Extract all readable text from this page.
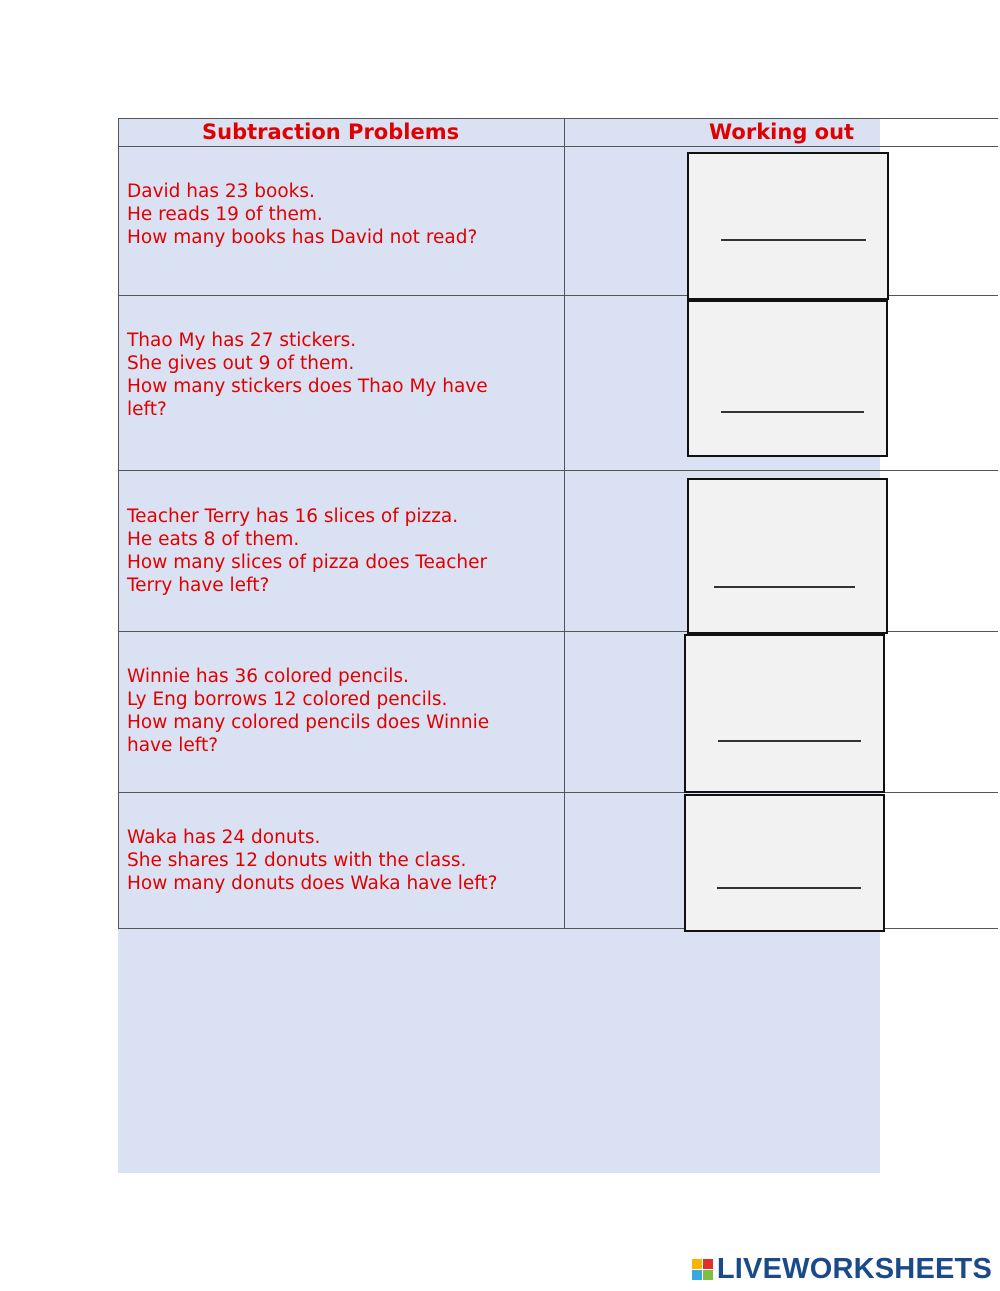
Subtraction Problems	Working out
David has 23 books.
He reads 19 of them.
How many books has David not read?
Thao My has 27 stickers.
She gives out 9 of them.
How many stickers does Thao My have
left?
Teacher Terry has 16 slices of pizza.
He eats 8 of them.
How many slices of pizza does Teacher
Terry have left?
Winnie has 36 colored pencils.
Ly Eng borrows 12 colored pencils.
How many colored pencils does Winnie
have left?
Waka has 24 donuts.
She shares 12 donuts with the class.
How many donuts does Waka have left?
LIVEWORKSHEETS
